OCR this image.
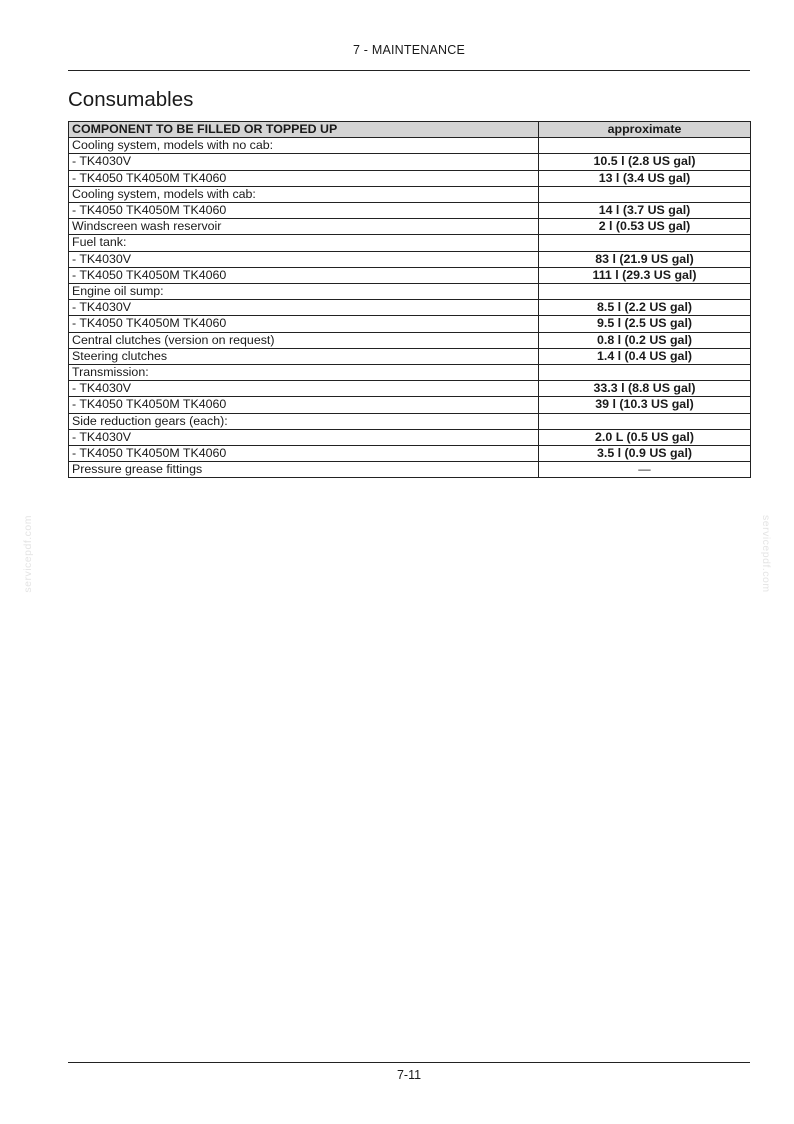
7 - MAINTENANCE
Consumables
COMPONENT TO BE FILLED OR TOPPED UP	approximate
Cooling system, models with no cab:	
- TK4030V	10.5 l (2.8 US gal)
- TK4050 TK4050M TK4060	13 l (3.4 US gal)
Cooling system, models with cab:	
- TK4050 TK4050M TK4060	14 l (3.7 US gal)
Windscreen wash reservoir	2 l (0.53 US gal)
Fuel tank:	
- TK4030V	83 l (21.9 US gal)
- TK4050 TK4050M TK4060	111 l (29.3 US gal)
Engine oil sump:	
- TK4030V	8.5 l (2.2 US gal)
- TK4050 TK4050M TK4060	9.5 l (2.5 US gal)
Central clutches (version on request)	0.8 l (0.2 US gal)
Steering clutches	1.4 l (0.4 US gal)
Transmission:	
- TK4030V	33.3 l (8.8 US gal)
- TK4050 TK4050M TK4060	39 l (10.3 US gal)
Side reduction gears (each):	
- TK4030V	2.0 L (0.5 US gal)
- TK4050 TK4050M TK4060	3.5 l (0.9 US gal)
Pressure grease fittings	—
servicepdf.com	servicepdf.com
7-11
